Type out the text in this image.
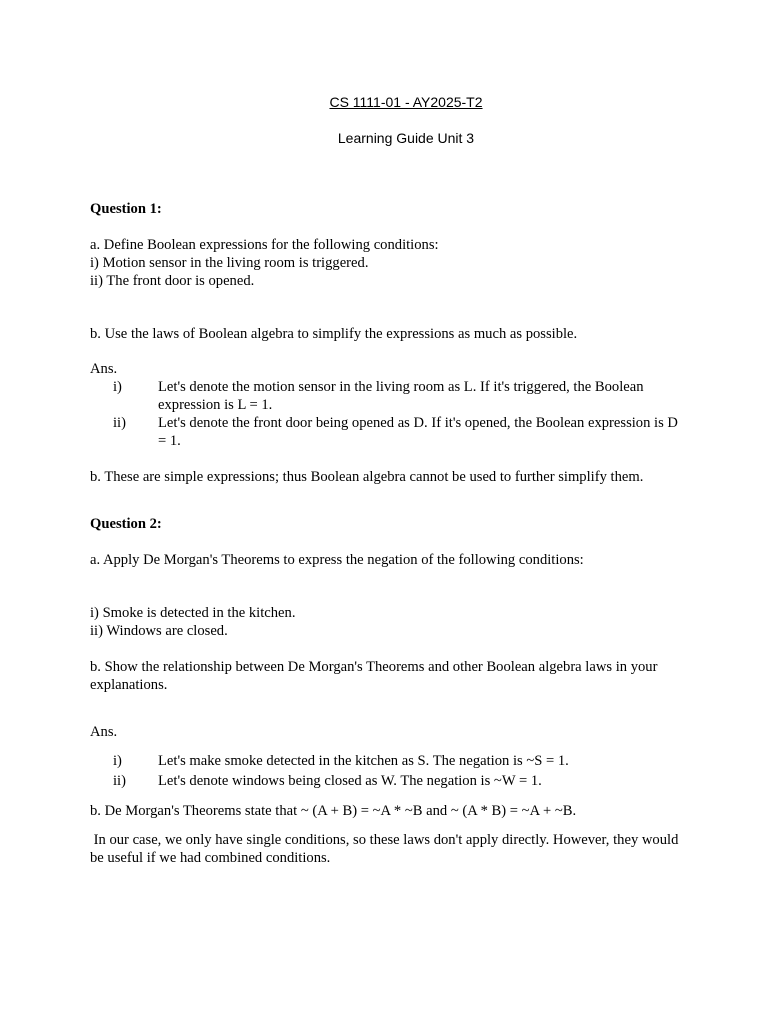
CS 1111-01 - AY2025-T2
Learning Guide Unit 3
Question 1:
a. Define Boolean expressions for the following conditions:
i) Motion sensor in the living room is triggered.
ii) The front door is opened.
b. Use the laws of Boolean algebra to simplify the expressions as much as possible.
Ans.
i) Let's denote the motion sensor in the living room as L. If it's triggered, the Boolean expression is L = 1.
ii) Let's denote the front door being opened as D. If it's opened, the Boolean expression is D = 1.
b. These are simple expressions; thus Boolean algebra cannot be used to further simplify them.
Question 2:
a. Apply De Morgan's Theorems to express the negation of the following conditions:
i) Smoke is detected in the kitchen.
ii) Windows are closed.
b. Show the relationship between De Morgan's Theorems and other Boolean algebra laws in your explanations.
Ans.
i) Let's make smoke detected in the kitchen as S. The negation is ~S = 1.
ii) Let's denote windows being closed as W. The negation is ~W = 1.
b. De Morgan's Theorems state that ~ (A + B) = ~A * ~B and ~ (A * B) = ~A + ~B.
In our case, we only have single conditions, so these laws don't apply directly. However, they would be useful if we had combined conditions.
